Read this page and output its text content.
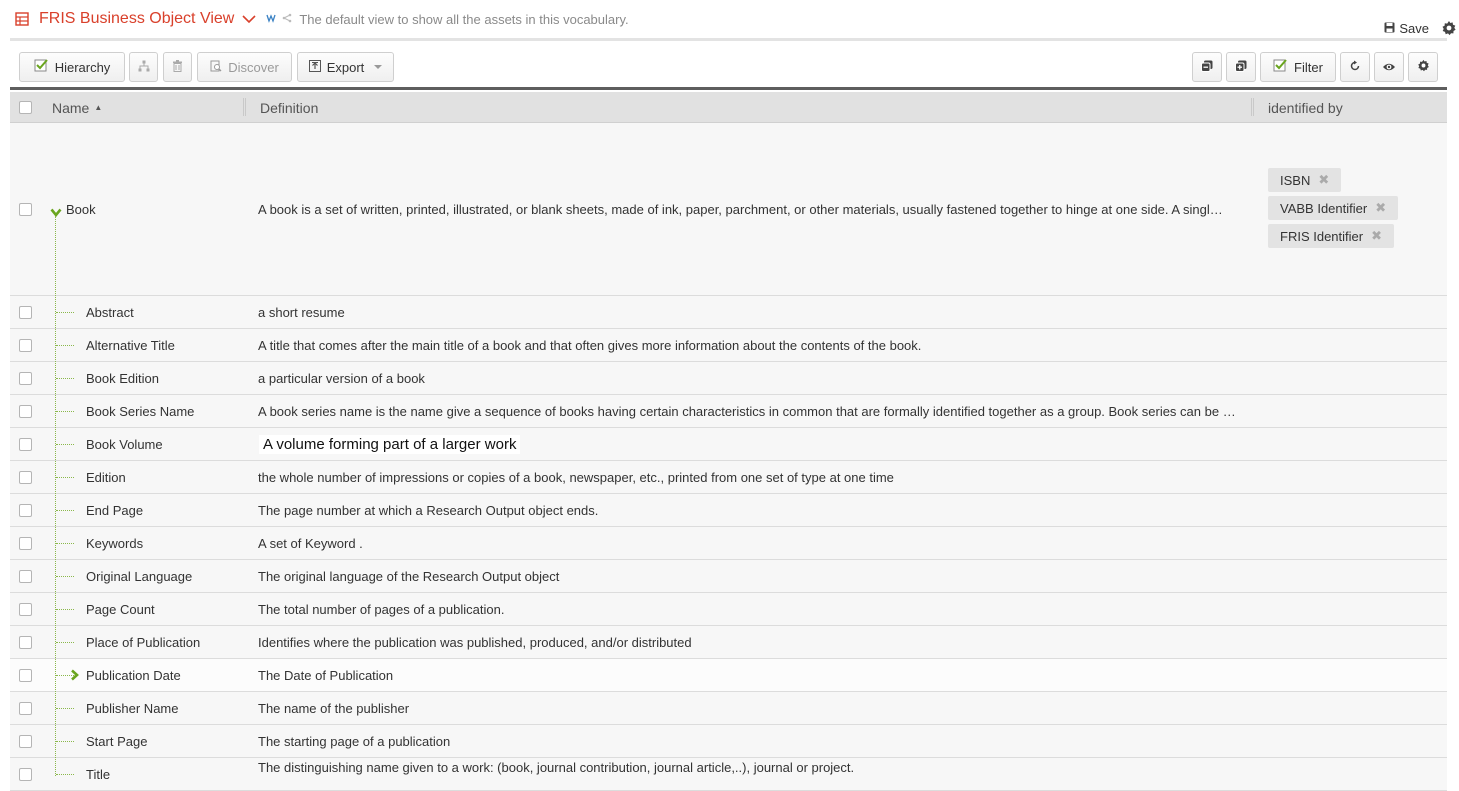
FRIS Business Object View	The default view to show all the assets in this vocabulary.
Save
Hierarchy	Discover	Export	Filter
Name ▲	Definition	identified by
Book	A book is a set of written, printed, illustrated, or blank sheets, made of ink, paper, parchment, or other materials, usually fastened together to hinge at one side. A singl…
ISBN ✖
VABB Identifier ✖
FRIS Identifier ✖
Abstract	a short resume
Alternative Title	A title that comes after the main title of a book and that often gives more information about the contents of the book.
Book Edition	a particular version of a book
Book Series Name	A book series name is the name give a sequence of books having certain characteristics in common that are formally identified together as a group. Book series can be …
Book Volume	A volume forming part of a larger work
Edition	the whole number of impressions or copies of a book, newspaper, etc., printed from one set of type at one time
End Page	The page number at which a Research Output object ends.
Keywords	A set of Keyword .
Original Language	The original language of the Research Output object
Page Count	The total number of pages of a publication.
Place of Publication	Identifies where the publication was published, produced, and/or distributed
Publication Date	The Date of Publication
Publisher Name	The name of the publisher
Start Page	The starting page of a publication
Title	The distinguishing name given to a work: (book, journal contribution, journal article,..), journal or project.
